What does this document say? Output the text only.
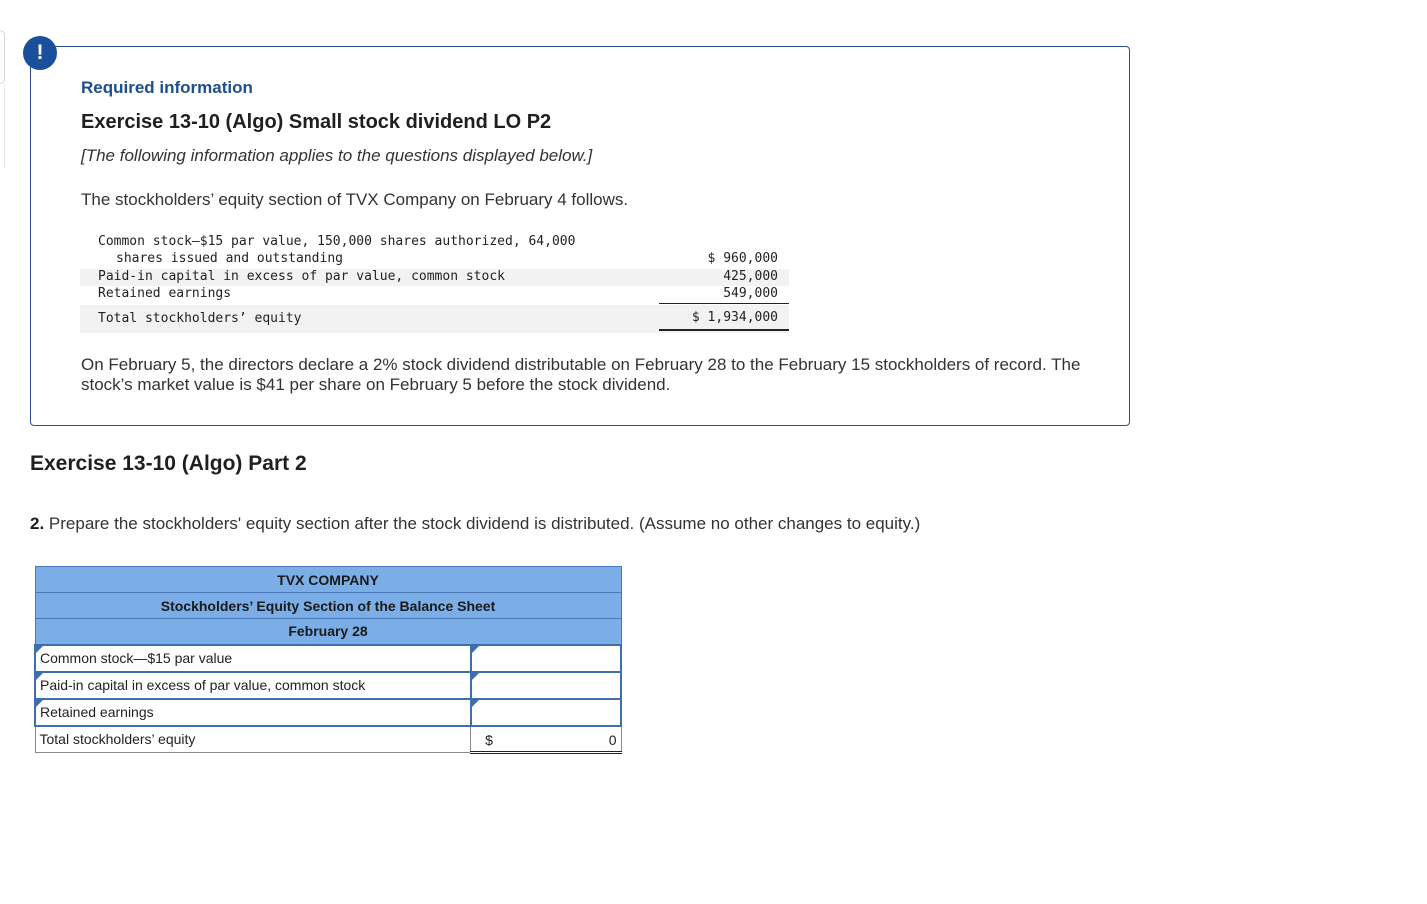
!
Required information
Exercise 13-10 (Algo) Small stock dividend LO P2
[The following information applies to the questions displayed below.]
The stockholders’ equity section of TVX Company on February 4 follows.
Common stock—$15 par value, 150,000 shares authorized, 64,000
shares issued and outstanding	$ 960,000
Paid-in capital in excess of par value, common stock	425,000
Retained earnings	549,000
Total stockholders’ equity	$ 1,934,000
On February 5, the directors declare a 2% stock dividend distributable on February 28 to the February 15 stockholders of record. The stock’s market value is $41 per share on February 5 before the stock dividend.
Exercise 13-10 (Algo) Part 2
2. Prepare the stockholders' equity section after the stock dividend is distributed. (Assume no other changes to equity.)
TVX COMPANY	
Stockholders’ Equity Section of the Balance Sheet	
February 28	

Common stock—$15 par value	

Paid-in capital in excess of par value, common stock	

Retained earnings	

Total stockholders’ equity	$ 0
